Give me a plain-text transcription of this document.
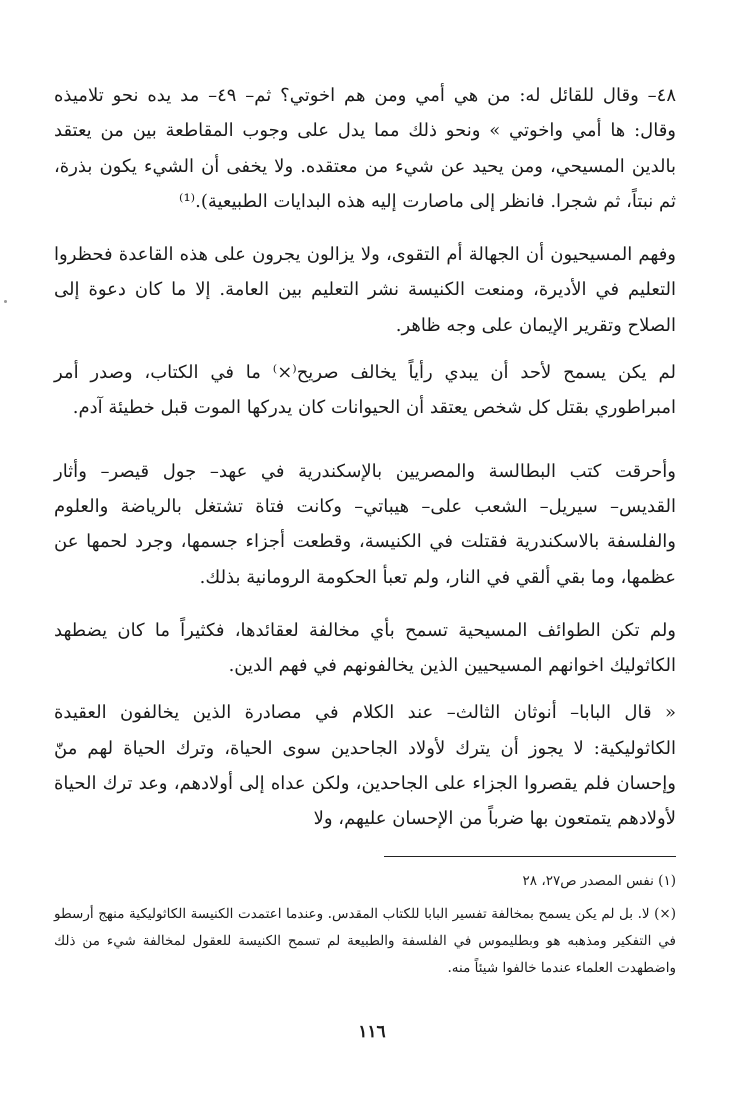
٤٨– وقال للقائل له: من هي أمي ومن هم اخوتي؟ ثم– ٤٩– مد يده نحو تلاميذه وقال: ها أمي واخوتي » ونحو ذلك مما يدل على وجوب المقاطعة بين من يعتقد بالدين المسيحي، ومن يحيد عن شيء من معتقده. ولا يخفى أن الشيء يكون بذرة، ثم نبتاً، ثم شجرا. فانظر إلى ماصارت إليه هذه البدايات الطبيعية).⁽¹⁾

وفهم المسيحيون أن الجهالة أم التقوى، ولا يزالون يجرون على هذه القاعدة فحظروا التعليم في الأديرة، ومنعت الكنيسة نشر التعليم بين العامة. إلا ما كان دعوة إلى الصلاح وتقرير الإيمان على وجه ظاهر.

لم يكن يسمح لأحد أن يبدي رأياً يخالف صريح⁽×⁾ ما في الكتاب، وصدر أمر امبراطوري بقتل كل شخص يعتقد أن الحيوانات كان يدركها الموت قبل خطيئة آدم.

وأحرقت كتب البطالسة والمصريين بالإسكندرية في عهد– جول قيصر– وأثار القديس– سيريل– الشعب على– هيباتي– وكانت فتاة تشتغل بالرياضة والعلوم والفلسفة بالاسكندرية فقتلت في الكنيسة، وقطعت أجزاء جسمها، وجرد لحمها عن عظمها، وما بقي ألقي في النار، ولم تعبأ الحكومة الرومانية بذلك.

ولم تكن الطوائف المسيحية تسمح بأي مخالفة لعقائدها، فكثيراً ما كان يضطهد الكاثوليك اخوانهم المسيحيين الذين يخالفونهم في فهم الدين.

« قال البابا– أنوثان الثالث– عند الكلام في مصادرة الذين يخالفون العقيدة الكاثوليكية: لا يجوز أن يترك لأولاد الجاحدين سوى الحياة، وترك الحياة لهم منّ وإحسان فلم يقصروا الجزاء على الجاحدين، ولكن عداه إلى أولادهم، وعد ترك الحياة لأولادهم يتمتعون بها ضرباً من الإحسان عليهم، ولا

(١) نفس المصدر ص٢٧، ٢٨

(×) لا. بل لم يكن يسمح بمخالفة تفسير البابا للكتاب المقدس. وعندما اعتمدت الكنيسة الكاثوليكية منهج أرسطو في التفكير ومذهبه هو وبطليموس في الفلسفة والطبيعة لم تسمح الكنيسة للعقول لمخالفة شيء من ذلك واضطهدت العلماء عندما خالفوا شيئاً منه.

١١٦
